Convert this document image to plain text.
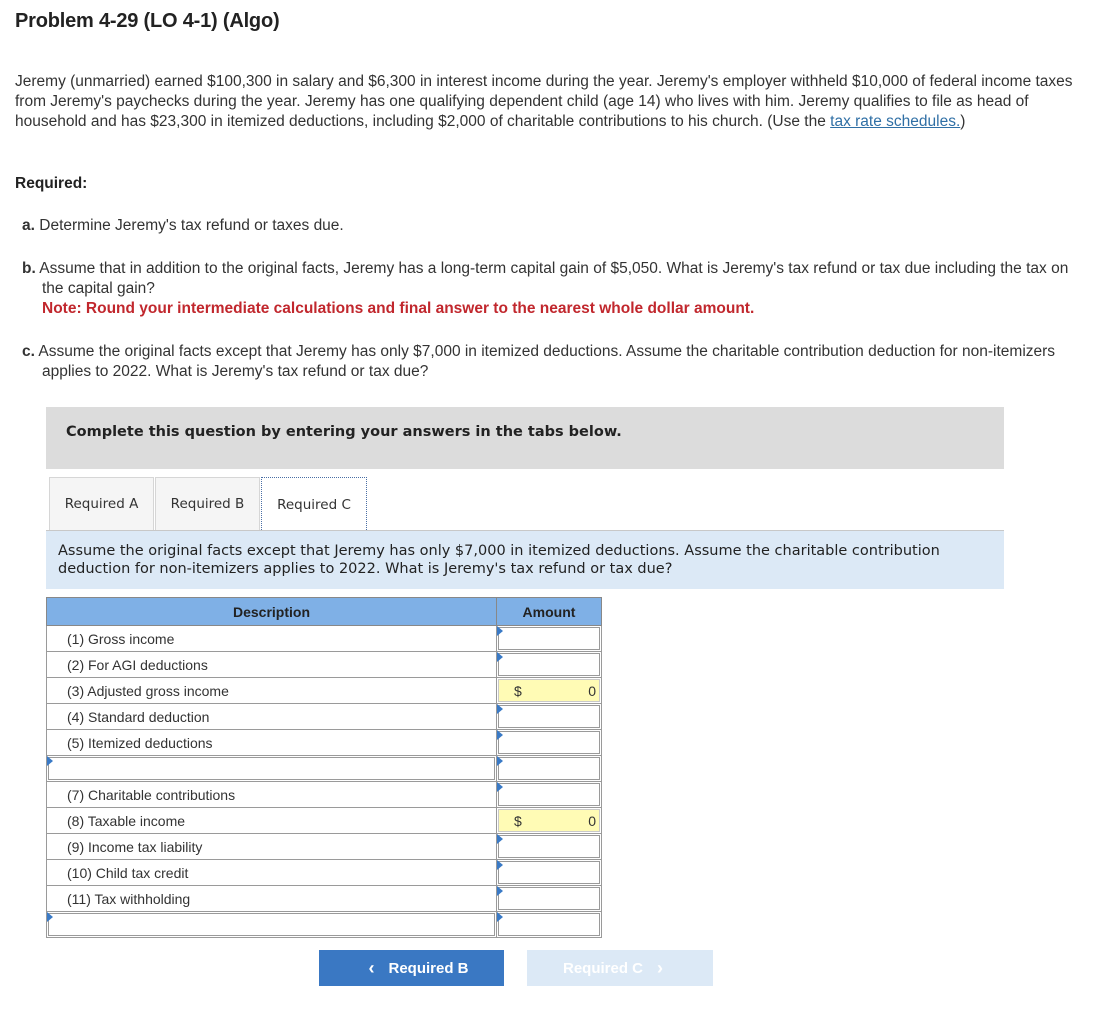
Problem 4-29 (LO 4-1) (Algo)
Jeremy (unmarried) earned $100,300 in salary and $6,300 in interest income during the year. Jeremy's employer withheld $10,000 of federal income taxes from Jeremy's paychecks during the year. Jeremy has one qualifying dependent child (age 14) who lives with him. Jeremy qualifies to file as head of household and has $23,300 in itemized deductions, including $2,000 of charitable contributions to his church. (Use the tax rate schedules.)
Required:
a. Determine Jeremy's tax refund or taxes due.
b. Assume that in addition to the original facts, Jeremy has a long-term capital gain of $5,050. What is Jeremy's tax refund or tax due including the tax on the capital gain?
Note: Round your intermediate calculations and final answer to the nearest whole dollar amount.
c. Assume the original facts except that Jeremy has only $7,000 in itemized deductions. Assume the charitable contribution deduction for non-itemizers applies to 2022. What is Jeremy's tax refund or tax due?
Complete this question by entering your answers in the tabs below.
Required A	Required B	Required C
Assume the original facts except that Jeremy has only $7,000 in itemized deductions. Assume the charitable contribution deduction for non-itemizers applies to 2022. What is Jeremy's tax refund or tax due?
Description	Amount
(1) Gross income	

(2) For AGI deductions	

(3) Adjusted gross income	$ 0

(4) Standard deduction	

(5) Itemized deductions	

(7) Charitable contributions	

(8) Taxable income	$ 0

(9) Income tax liability	

(10) Child tax credit	

(11) Tax withholding	

‹ Required B	Required C ›
